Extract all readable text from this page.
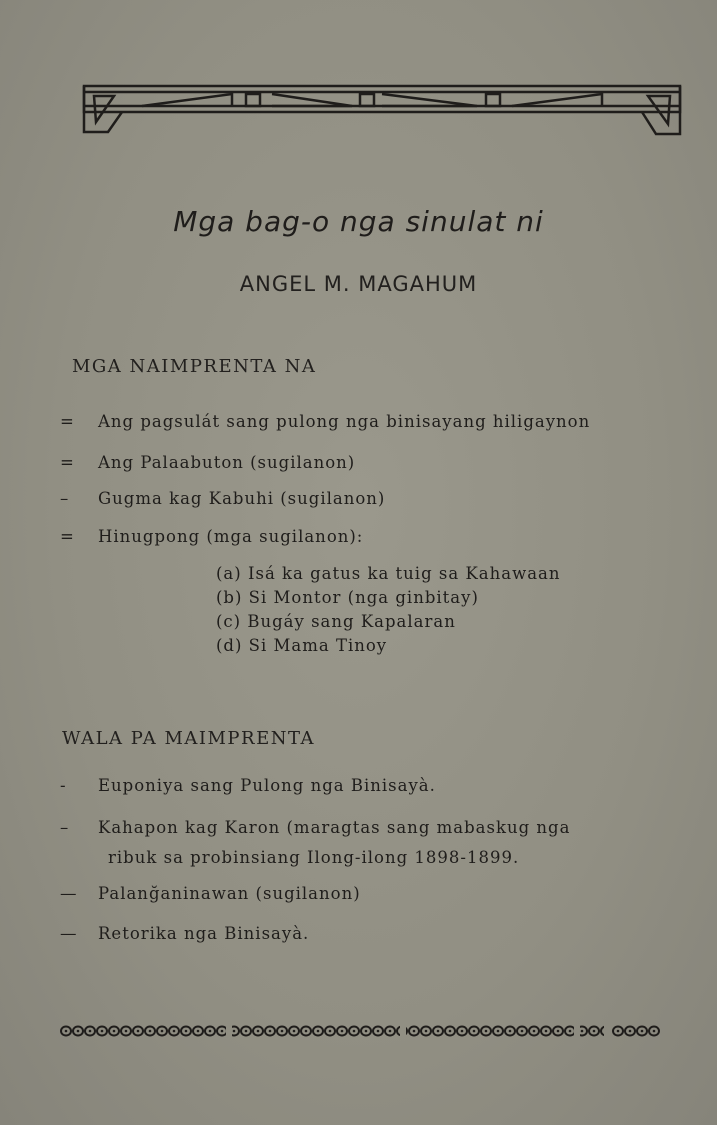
Mga bag-o nga sinulat ni
ANGEL M. MAGAHUM
MGA NAIMPRENTA NA
= Ang pagsulát sang pulong nga binisayang hiligaynon
= Ang Palaabuton (sugilanon)
– Gugma kag Kabuhi (sugilanon)
= Hinugpong (mga sugilanon):
(a) Isá ka gatus ka tuig sa Kahawaan
(b) Si Montor (nga ginbitay)
(c) Bugáy sang Kapalaran
(d) Si Mama Tinoy
WALA PA MAIMPRENTA
- Euponiya sang Pulong nga Binisayà.
– Kahapon kag Karon (maragtas sang mabaskug nga
ribuk sa probinsiang Ilong-ilong 1898-1899.
— Palanğaninawan (sugilanon)
— Retorika nga Binisayà.
